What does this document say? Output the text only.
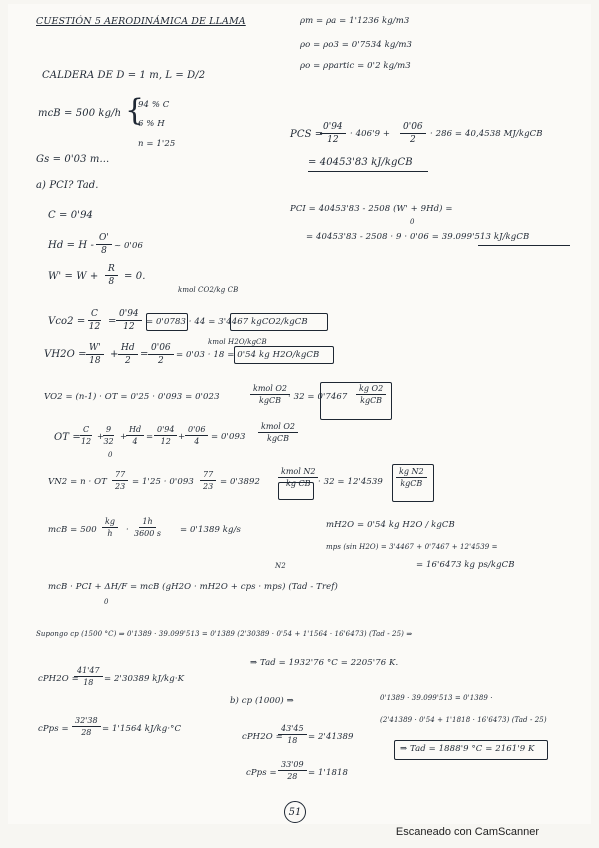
CUESTIÓN 5 AERODINÁMICA DE LLAMA	ρm = ρa = 1'1236 kg/m3
ρo = ρo3 = 0'7534 kg/m3
ρo = ρpartic = 0'2 kg/m3
CALDERA DE D = 1 m, L = D/2
mcB = 500 kg/h {
94 % C
6 % H
n = 1'25
Gs = 0'03 m...
PCS =
$\frac{0'94}{12} \cdot 406'9 + \frac{0'06}{2} \cdot 286 = 40,4538$ MJ/kgCB
= 40453'83 kJ/kgCB
a) PCI? Tad.
PCI = 40453'83 - 2508 (W' + 9Hd) =
0
= 40453'83 - 2508 · 9 · 0'06 = 39.099'513 kJ/kgCB
C = 0'94
$Hd = H - \frac{O'}{8}$ ~ 0'06
$W' = W + \frac{R}{8} = 0$.
kmol CO2/kg CB
$Vco2 = \frac{C}{12} = \frac{0'94}{12} = 0'0783 \cdot 44 = 3'4467$ kgCO2/kgCB
kmol H2O/kgCB
$VH2O = \frac{W'}{18} + \frac{Hd}{2} = \frac{0'06}{2} = 0'03 \cdot 18 = 0'54$ kg H2O/kgCB
VO2 = (n-1) · OT = 0'25 · 0'093 = 0'023
kmol O2
kgCB · 32 = 0'7467
kg O2
kgCB
OT = $\frac{C}{12}$ +
$\frac{9}{32}$
0
+
$\frac{Hd}{4} = \frac{0'94}{12} + \frac{0'06}{4} = 0'093$
kmol O2
kgCB
VN2 = n · OT $\frac{77}{23} = 1'25 \cdot 0'093 \frac{77}{23} = 0'3892$
kmol N2
kg CB · 32 = 12'4539
kg N2
kgCB
mcB = $500 \frac{kg}{h} \cdot \frac{1h}{3600 s} = 0'1389$ kg/s	mH2O = 0'54 kg H2O / kgCB
mps (sin H2O) = 3'4467 + 0'7467 + 12'4539 =
= 16'6473 kg ps/kgCB
N2
mcB · PCI + ΔH/F = mcB (gH2O · mH2O + cps · mps) (Tad - Tref)
0
Supongo cp (1500 °C) ⇒ 0'1389 · 39.099'513 = 0'1389 (2'30389 · 0'54 + 1'1564 · 16'6473) (Tad - 25) ⇒
cPH2O =
$\frac{41'47}{18} = 2'30389$ kJ/kg·K
⇒ Tad = 1932'76 °C = 2205'76 K.
cPps = $\frac{32'38}{28} = 1'1564$ kJ/kg·°C
b) cp (1000) ⇒
cPH2O =
$\frac{43'45}{18} = 2'41389$
cPps = $\frac{33'09}{28} = 1'1818$
0'1389 · 39.099'513 = 0'1389 ·
(2'41389 · 0'54 + 1'1818 · 16'6473) (Tad - 25)
⇒ Tad = 1888'9 °C = 2161'9 K
51
Escaneado con CamScanner
